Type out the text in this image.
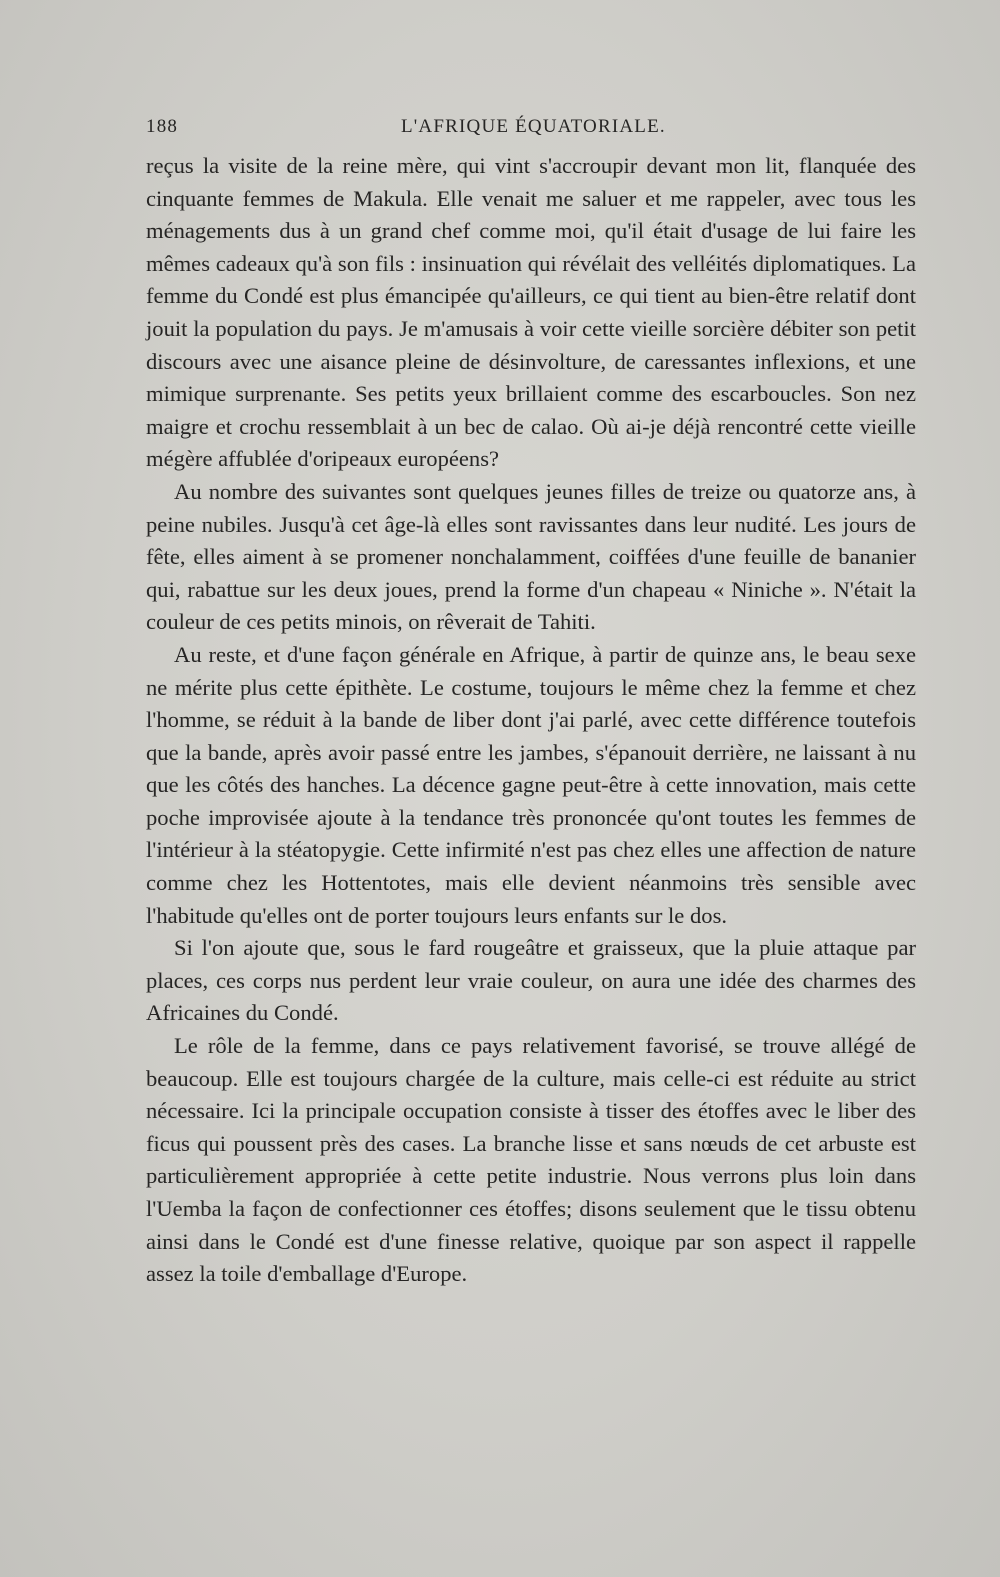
188	L'AFRIQUE ÉQUATORIALE.

reçus la visite de la reine mère, qui vint s'accroupir devant mon lit, flanquée des cinquante femmes de Makula. Elle venait me saluer et me rappeler, avec tous les ménagements dus à un grand chef comme moi, qu'il était d'usage de lui faire les mêmes cadeaux qu'à son fils : insinuation qui révélait des velléités diplomatiques. La femme du Condé est plus émancipée qu'ailleurs, ce qui tient au bien-être relatif dont jouit la population du pays. Je m'amusais à voir cette vieille sorcière débiter son petit discours avec une aisance pleine de désinvolture, de caressantes inflexions, et une mimique surprenante. Ses petits yeux brillaient comme des escarboucles. Son nez maigre et crochu ressemblait à un bec de calao. Où ai-je déjà rencontré cette vieille mégère affublée d'oripeaux européens?

Au nombre des suivantes sont quelques jeunes filles de treize ou quatorze ans, à peine nubiles. Jusqu'à cet âge-là elles sont ravissantes dans leur nudité. Les jours de fête, elles aiment à se promener nonchalamment, coiffées d'une feuille de bananier qui, rabattue sur les deux joues, prend la forme d'un chapeau « Niniche ». N'était la couleur de ces petits minois, on rêverait de Tahiti.

Au reste, et d'une façon générale en Afrique, à partir de quinze ans, le beau sexe ne mérite plus cette épithète. Le costume, toujours le même chez la femme et chez l'homme, se réduit à la bande de liber dont j'ai parlé, avec cette différence toutefois que la bande, après avoir passé entre les jambes, s'épanouit derrière, ne laissant à nu que les côtés des hanches. La décence gagne peut-être à cette innovation, mais cette poche improvisée ajoute à la tendance très prononcée qu'ont toutes les femmes de l'intérieur à la stéatopygie. Cette infirmité n'est pas chez elles une affection de nature comme chez les Hottentotes, mais elle devient néanmoins très sensible avec l'habitude qu'elles ont de porter toujours leurs enfants sur le dos.

Si l'on ajoute que, sous le fard rougeâtre et graisseux, que la pluie attaque par places, ces corps nus perdent leur vraie couleur, on aura une idée des charmes des Africaines du Condé.

Le rôle de la femme, dans ce pays relativement favorisé, se trouve allégé de beaucoup. Elle est toujours chargée de la culture, mais celle-ci est réduite au strict nécessaire. Ici la principale occupation consiste à tisser des étoffes avec le liber des ficus qui poussent près des cases. La branche lisse et sans nœuds de cet arbuste est particulièrement appropriée à cette petite industrie. Nous verrons plus loin dans l'Uemba la façon de confectionner ces étoffes; disons seulement que le tissu obtenu ainsi dans le Condé est d'une finesse relative, quoique par son aspect il rappelle assez la toile d'emballage d'Europe.
